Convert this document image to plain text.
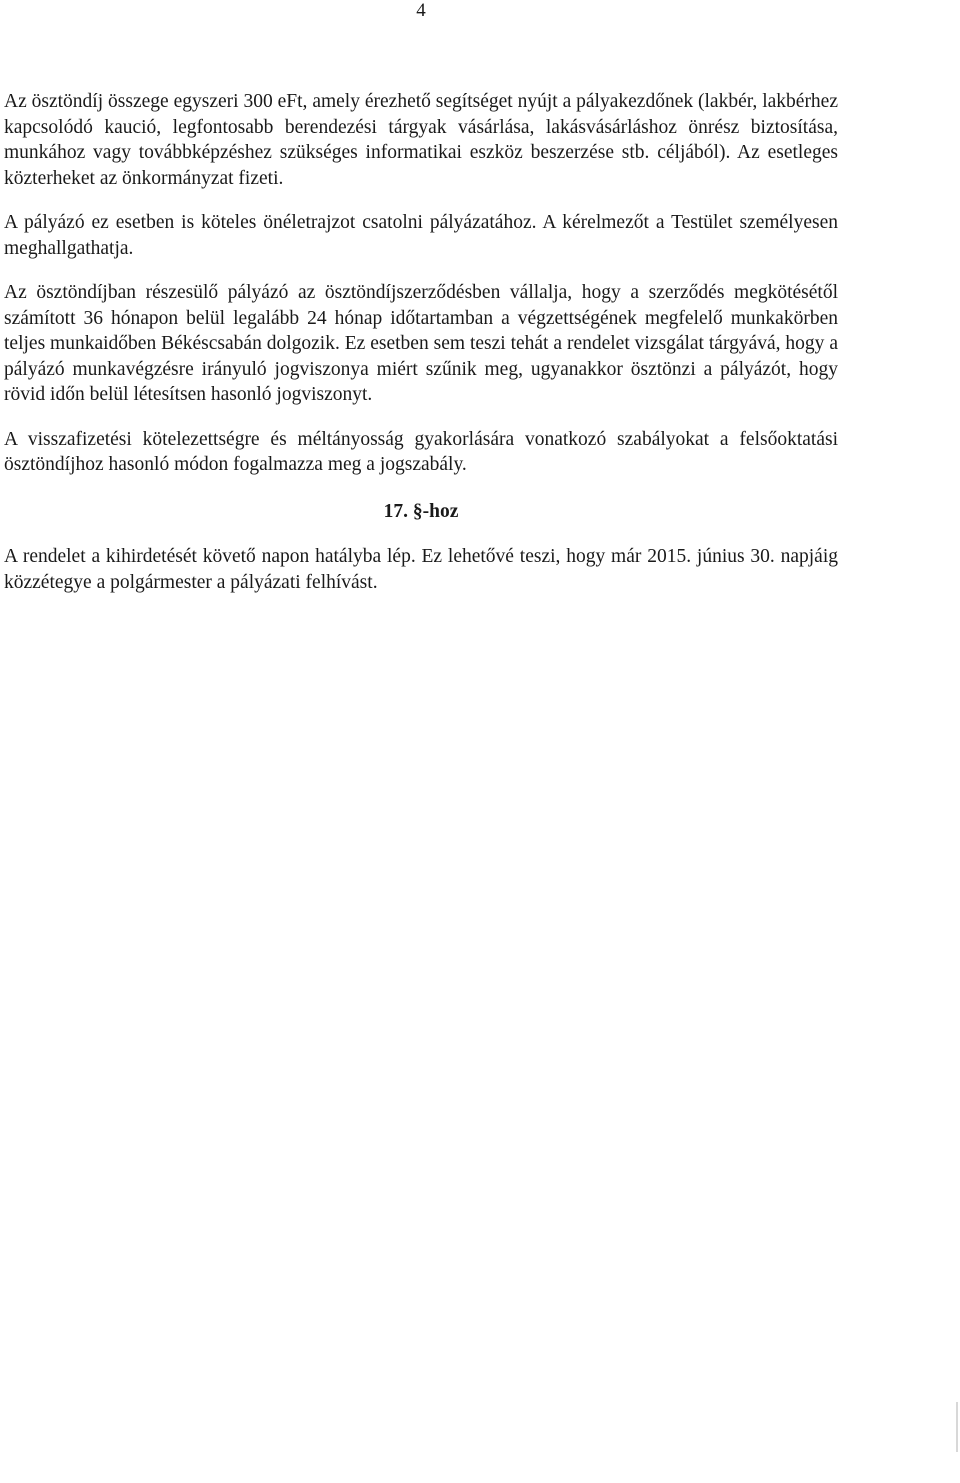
4

Az ösztöndíj összege egyszeri 300 eFt, amely érezhető segítséget nyújt a pályakezdőnek (lakbér, lakbérhez kapcsolódó kaució, legfontosabb berendezési tárgyak vásárlása, lakásvásárláshoz önrész biztosítása, munkához vagy továbbképzéshez szükséges informatikai eszköz beszerzése stb. céljából). Az esetleges közterheket az önkormányzat fizeti.

A pályázó ez esetben is köteles önéletrajzot csatolni pályázatához. A kérelmezőt a Testület személyesen meghallgathatja.

Az ösztöndíjban részesülő pályázó az ösztöndíjszerződésben vállalja, hogy a szerződés megkötésétől számított 36 hónapon belül legalább 24 hónap időtartamban a végzettségének megfelelő munkakörben teljes munkaidőben Békéscsabán dolgozik. Ez esetben sem teszi tehát a rendelet vizsgálat tárgyává, hogy a pályázó munkavégzésre irányuló jogviszonya miért szűnik meg, ugyanakkor ösztönzi a pályázót, hogy rövid időn belül létesítsen hasonló jogviszonyt.

A visszafizetési kötelezettségre és méltányosság gyakorlására vonatkozó szabályokat a felsőoktatási ösztöndíjhoz hasonló módon fogalmazza meg a jogszabály.

17. §-hoz

A rendelet a kihirdetését követő napon hatályba lép. Ez lehetővé teszi, hogy már 2015. június 30. napjáig közzétegye a polgármester a pályázati felhívást.
